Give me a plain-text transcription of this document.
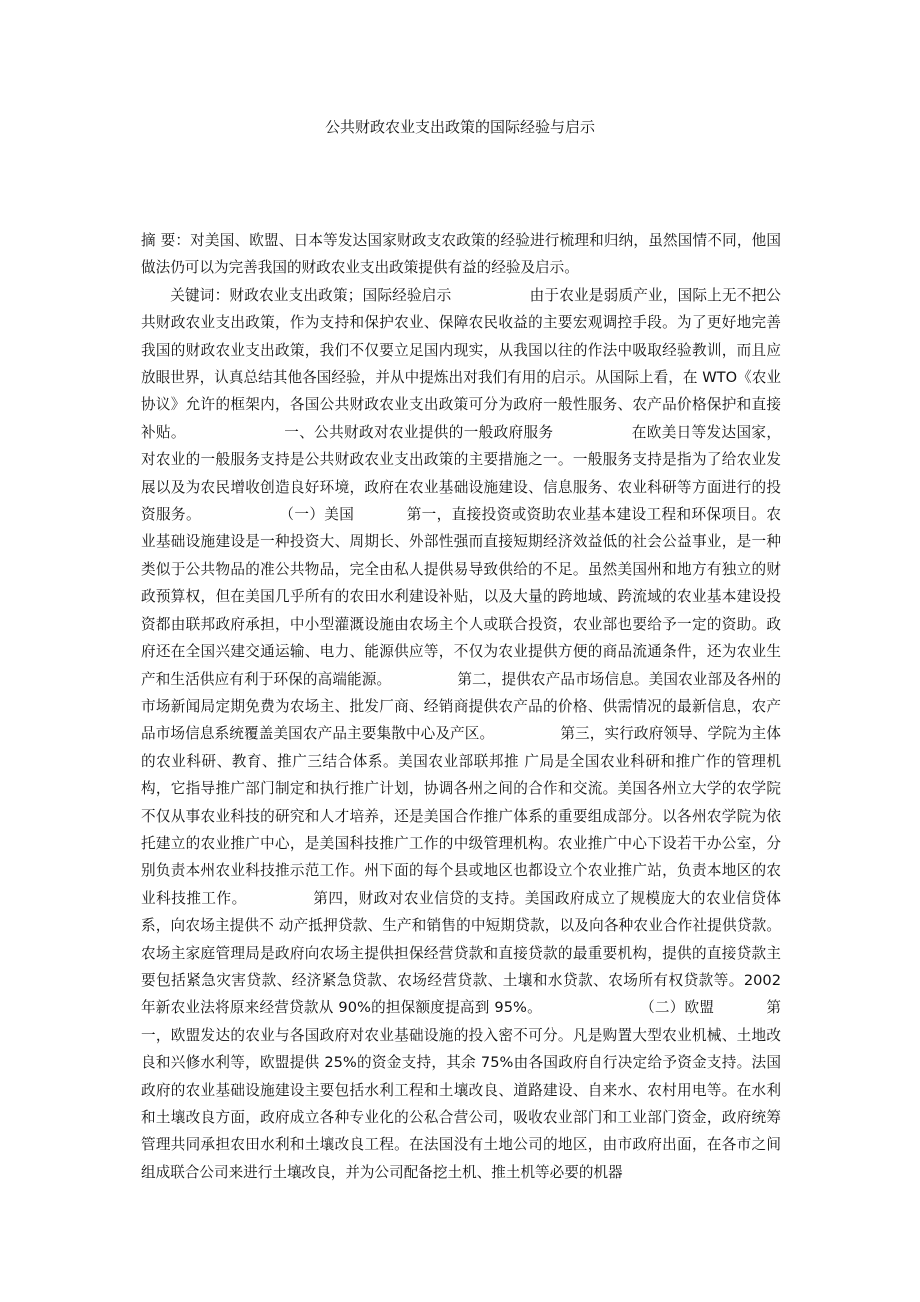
公共财政农业支出政策的国际经验与启示

摘 要：对美国、欧盟、日本等发达国家财政支农政策的经验进行梳理和归纳，虽然国情不同，他国 做法仍可以为完善我国的财政农业支出政策提供有益的经验及启示。

关键词：财政农业支出政策；国际经验启示	由于农业是弱质产业，国际上无不把公共财政农业支出政策，作为支持和保护农业、保障农民收益的主要宏观调控手段。为了更好地完善我国的财政农业支出政策，我们不仅要立足国内现实，从我国以往的作法中吸取经验教训，而且应放眼世界，认真总结其他各国经验，并从中提炼出对我们有用的启示。从国际上看，在 WTO《农业协议》允许的框架内，各国公共财政农业支出政策可分为政府一般性服务、农产品价格保护和直接补贴。	一、公共财政对农业提供的一般政府服务	在欧美日等发达国家，对农业的一般服务支持是公共财政农业支出政策的主要措施之一。一般服务支持是指为了给农业发展以及为农民增收创造良好环境，政府在农业基础设施建设、信息服务、农业科研等方面进行的投资服务。	（一）美国	第一，直接投资或资助农业基本建设工程和环保项目。农业基础设施建设是一种投资大、周期长、外部性强而直接短期经济效益低的社会公益事业，是一种类似于公共物品的准公共物品，完全由私人提供易导致供给的不足。虽然美国州和地方有独立的财政预算权，但在美国几乎所有的农田水利建设补贴，以及大量的跨地域、跨流域的农业基本建设投资都由联邦政府承担，中小型灌溉设施由农场主个人或联合投资，农业部也要给予一定的资助。政府还在全国兴建交通运输、电力、能源供应等，不仅为农业提供方便的商品流通条件，还为农业生产和生活供应有利于环保的高端能源。	第二，提供农产品市场信息。美国农业部及各州的市场新闻局定期免费为农场主、批发厂商、经销商提供农产品的价格、供需情况的最新信息，农产品市场信息系统覆盖美国农产品主要集散中心及产区。	第三，实行政府领导、学院为主体的农业科研、教育、推广三结合体系。美国农业部联邦推 广局是全国农业科研和推广作的管理机构，它指导推广部门制定和执行推广计划，协调各州之间的合作和交流。美国各州立大学的农学院不仅从事农业科技的研究和人才培养，还是美国合作推广体系的重要组成部分。以各州农学院为依托建立的农业推广中心，是美国科技推广工作的中级管理机构。农业推广中心下设若干办公室，分别负责本州农业科技推示范工作。州下面的每个县或地区也都设立个农业推广站，负责本地区的农业科技推工作。	第四，财政对农业信贷的支持。美国政府成立了规模庞大的农业信贷体系，向农场主提供不 动产抵押贷款、生产和销售的中短期贷款，以及向各种农业合作社提供贷款。农场主家庭管理局是政府向农场主提供担保经营贷款和直接贷款的最重要机构，提供的直接贷款主要包括紧急灾害贷款、经济紧急贷款、农场经营贷款、土壤和水贷款、农场所有权贷款等。2002 年新农业法将原来经营贷款从 90%的担保额度提高到 95%。	（二）欧盟	第一，欧盟发达的农业与各国政府对农业基础设施的投入密不可分。凡是购置大型农业机械、土地改良和兴修水利等，欧盟提供 25%的资金支持，其余 75%由各国政府自行决定给予资金支持。法国政府的农业基础设施建设主要包括水利工程和土壤改良、道路建设、自来水、农村用电等。在水利和土壤改良方面，政府成立各种专业化的公私合营公司，吸收农业部门和工业部门资金，政府统筹管理共同承担农田水利和土壤改良工程。在法国没有土地公司的地区，由市政府出面，在各市之间组成联合公司来进行土壤改良，并为公司配备挖土机、推土机等必要的机器
